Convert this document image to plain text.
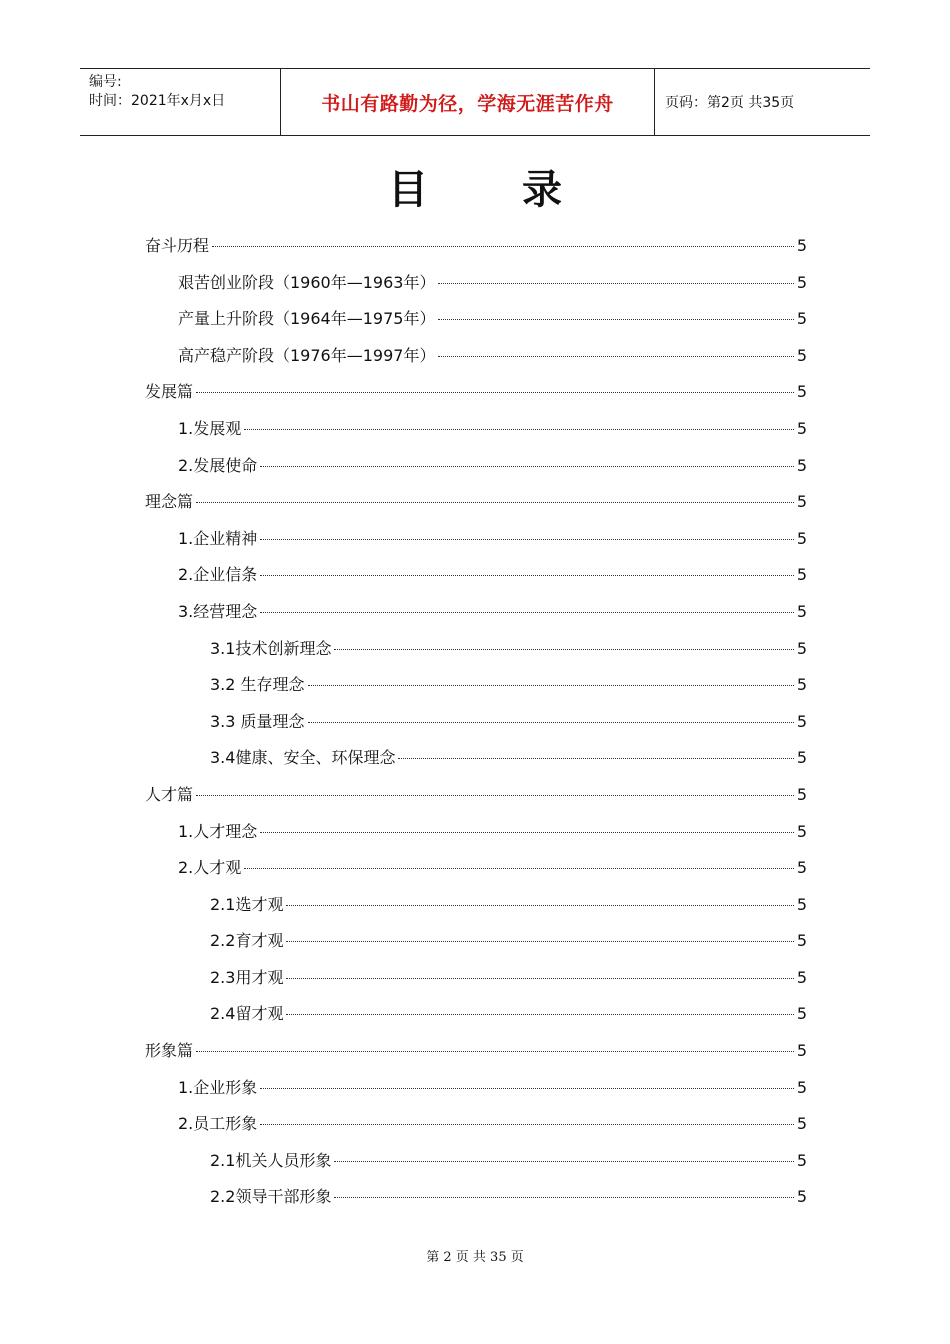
编号:
时间：2021年x月x日	书山有路勤为径，学海无涯苦作舟	页码：第2页 共35页
目 录
奋斗历程	5
艰苦创业阶段（1960年—1963年）	5
产量上升阶段（1964年—1975年）	5
高产稳产阶段（1976年—1997年）	5
发展篇	5
1.发展观	5
2.发展使命	5
理念篇	5
1.企业精神	5
2.企业信条	5
3.经营理念	5
3.1技术创新理念	5
3.2 生存理念	5
3.3 质量理念	5
3.4健康、安全、环保理念	5
人才篇	5
1.人才理念	5
2.人才观	5
2.1选才观	5
2.2育才观	5
2.3用才观	5
2.4留才观	5
形象篇	5
1.企业形象	5
2.员工形象	5
2.1机关人员形象	5
2.2领导干部形象	5
第 2 页 共 35 页
